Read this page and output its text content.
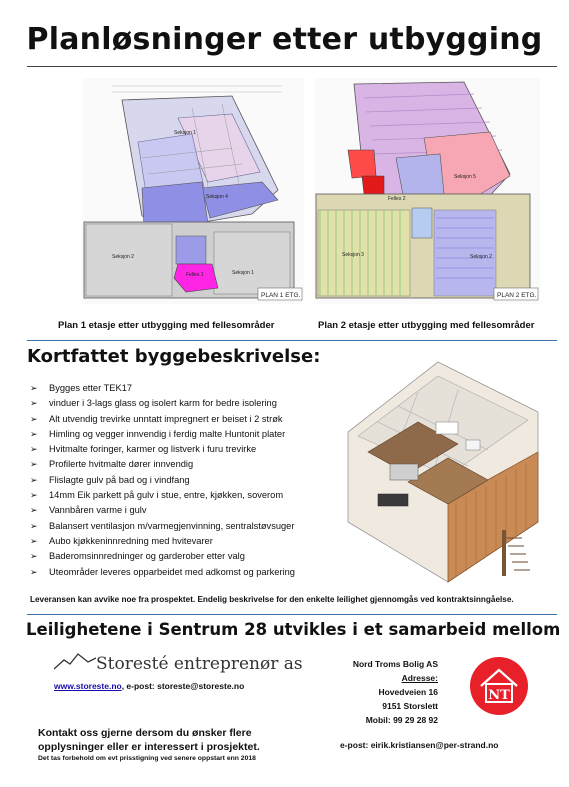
Planløsninger etter utbygging
Seksjon 1
Seksjon 4
Seksjon 2
Seksjon 1
Felles 1
PLAN 1 ETG.
Seksjon 5
Seksjon 3	Seksjon 2
Felles 2
PLAN 2 ETG.
Plan 1 etasje etter utbygging med fellesområder	Plan 2 etasje etter utbygging med fellesområder
Kortfattet byggebeskrivelse:
➢ Bygges etter TEK17
➢ vinduer i 3-lags glass og isolert karm for bedre isolering
➢ Alt utvendig trevirke unntatt impregnert er beiset i 2 strøk
➢ Himling og vegger innvendig i ferdig malte Huntonit plater
➢ Hvitmalte foringer, karmer og listverk i furu trevirke
➢ Profilerte hvitmalte dører innvendig
➢ Flislagte gulv på bad og i vindfang
➢ 14mm Eik parkett på gulv i stue, entre, kjøkken, soverom
➢ Vannbåren varme i gulv
➢ Balansert ventilasjon m/varmegjenvinning, sentralstøvsuger
➢ Aubo kjøkkeninnredning med hvitevarer
➢ Baderomsinnredninger og garderober etter valg
➢ Uteområder leveres opparbeidet med adkomst og parkering
Leveransen kan avvike noe fra prospektet. Endelig beskrivelse for den enkelte leilighet gjennomgås ved kontraktsinngåelse.
Leilighetene i Sentrum 28 utvikles i et samarbeid mellom
Storesté entreprenør as
www.storeste.no, e-post: storeste@storeste.no
Nord Troms Bolig AS
Adresse:
Hovedveien 16
9151 Storslett
Mobil: 99 29 28 92
NT
Kontakt oss gjerne dersom du ønsker flere
opplysninger eller er interessert i prosjektet.
Det tas forbehold om evt prisstigning ved senere oppstart enn 2018
e-post: eirik.kristiansen@per-strand.no
